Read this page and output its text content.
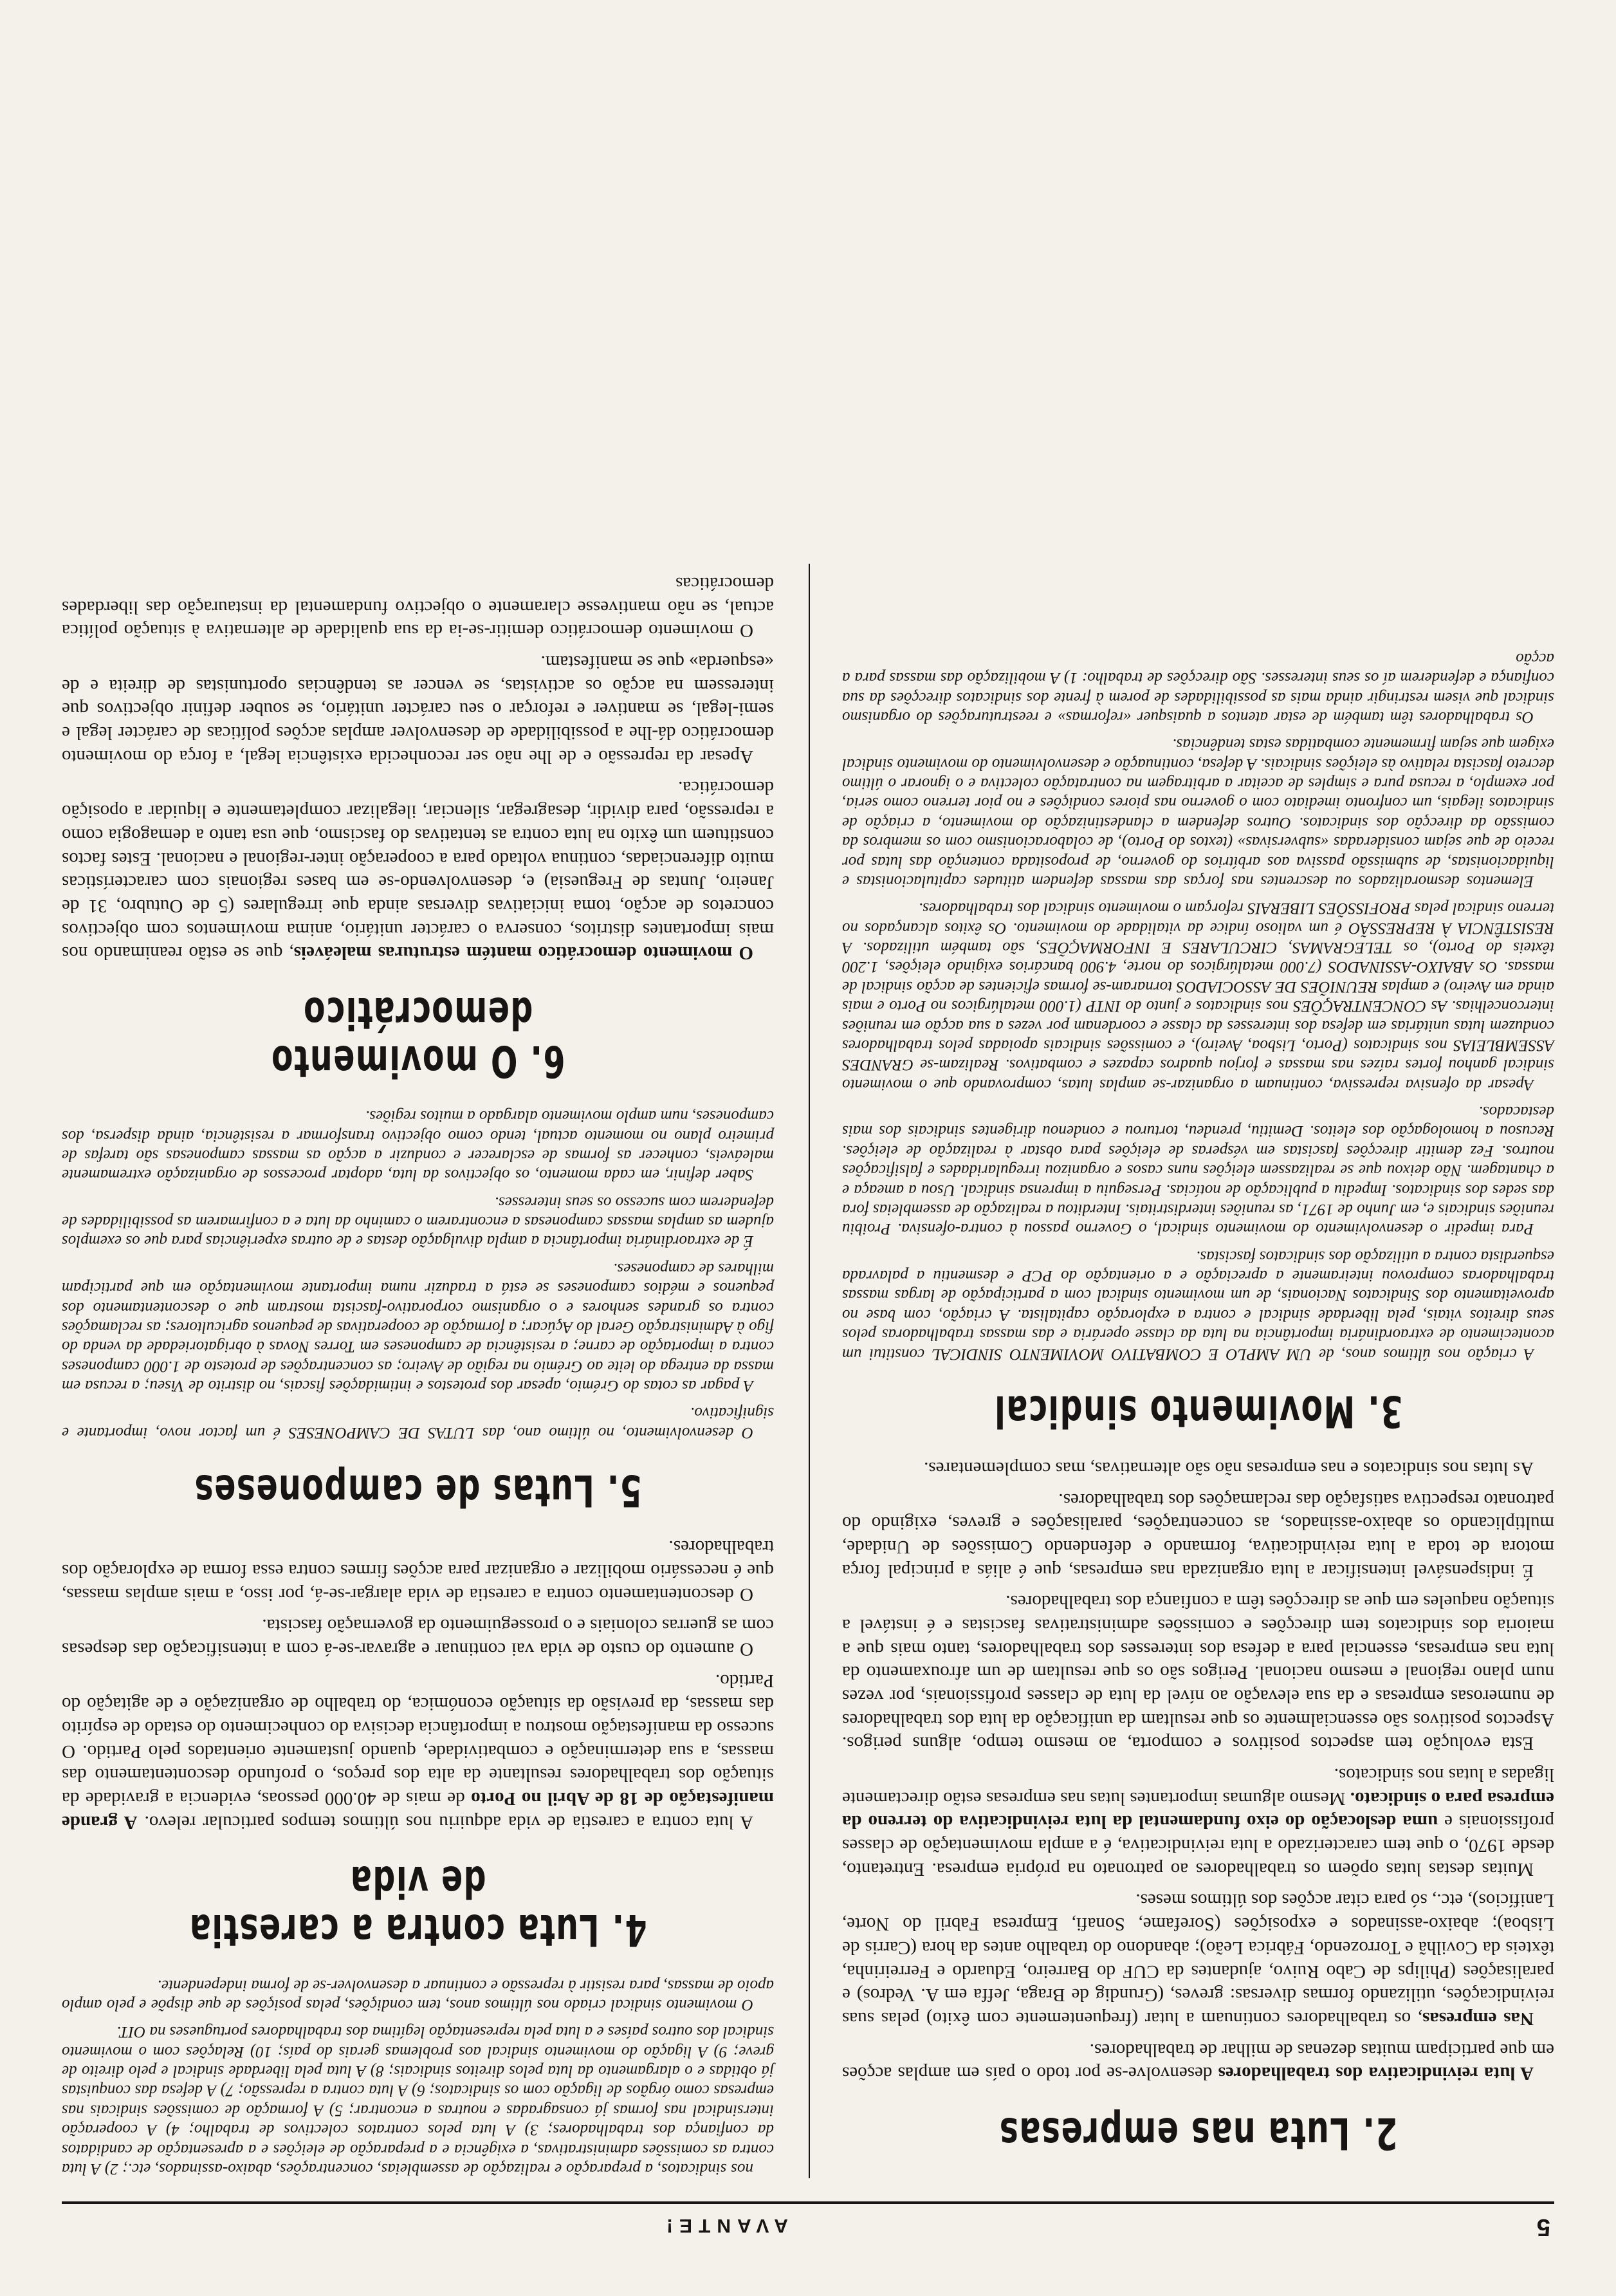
5
AVANTE!
2. Luta nas empresas

A luta reivindicativa dos trabalhadores desenvolve-se por todo o país em amplas acções em que participam muitas dezenas de milhar de trabalhadores.

Nas empresas, os trabalhadores continuam a lutar (frequentemente com êxito) pelas suas reivindicações, utilizando formas diversas: greves, (Grundig de Braga, Jeffa em A. Vedros) e paralisações (Philips de Cabo Ruivo, ajudantes da CUF do Barreiro, Eduardo e Ferreirinha, têxteis da Covilhã e Torrozendo, Fábrica Leão); abandono do trabalho antes da hora (Carris de Lisboa); abaixo-assinados e exposições (Sorefame, Sonafi, Empresa Fabril do Norte, Lanifícios), etc., só para citar acções dos últimos meses.

Muitas destas lutas opõem os trabalhadores ao patronato na própria empresa. Entretanto, desde 1970, o que tem caracterizado a luta reivindicativa, é a ampla movimentação de classes profissionais e uma deslocação do eixo fundamental da luta reivindicativa do terreno da empresa para o sindicato. Mesmo algumas importantes lutas nas empresas estão directamente ligadas a lutas nos sindicatos.

Esta evolução tem aspectos positivos e comporta, ao mesmo tempo, alguns perigos. Aspectos positivos são essencialmente os que resultam da unificação da luta dos trabalhadores de numerosas empresas e da sua elevação ao nível da luta de classes profissionais, por vezes num plano regional e mesmo nacional. Perigos são os que resultam de um afrouxamento da luta nas empresas, essencial para a defesa dos interesses dos trabalhadores, tanto mais que a maioria dos sindicatos tem direcções e comissões administrativas fascistas e é instável a situação naqueles em que as direcções têm a confiança dos trabalhadores.

É indispensável intensificar a luta organizada nas empresas, que é aliás a principal força motora de toda a luta reivindicativa, formando e defendendo Comissões de Unidade, multiplicando os abaixo-assinados, as concentrações, paralisações e greves, exigindo do patronato respectiva satisfação das reclamações dos trabalhadores.

As lutas nos sindicatos e nas empresas não são alternativas, mas complementares.

3. Movimento sindical

A criação nos últimos anos, de UM AMPLO E COMBATIVO MOVIMENTO SINDICAL constitui um acontecimento de extraordinária importância na luta da classe operária e das massas trabalhadoras pelos seus direitos vitais, pela liberdade sindical e contra a exploração capitalista. A criação, com base no aproveitamento dos Sindicatos Nacionais, de um movimento sindical com a participação de largas massas trabalhadoras comprovou inteiramente a apreciação e a orientação do PCP e desmentiu a palavrada esquerdista contra a utilização dos sindicatos fascistas.

Para impedir o desenvolvimento do movimento sindical, o Governo passou à contra-ofensiva. Proibiu reuniões sindicais e, em Junho de 1971, as reuniões interdistritais. Interditou a realização de assembleias fora das sedes dos sindicatos. Impediu a publicação de notícias. Perseguiu a imprensa sindical. Usou a ameaça e a chantagem. Não deixou que se realizassem eleições nuns casos e organizou irregularidades e falsificações noutros. Fez demitir direcções fascistas em vésperas de eleições para obstar à realização de eleições. Recusou a homologação dos eleitos. Demitiu, prendeu, torturou e condenou dirigentes sindicais dos mais destacados.

Apesar da ofensiva repressiva, continuam a organizar-se amplas lutas, comprovando que o movimento sindical ganhou fortes raízes nas massas e forjou quadros capazes e combativos. Realizam-se GRANDES ASSEMBLEIAS nos sindicatos (Porto, Lisboa, Aveiro), e comissões sindicais apoiadas pelos trabalhadores conduzem lutas unitárias em defesa dos interesses da classe e coordenam por vezes a sua acção em reuniões interconcelhias. As CONCENTRAÇÕES nos sindicatos e junto do INTP (1.000 metalúrgicos no Porto e mais ainda em Aveiro) e amplas REUNIÕES DE ASSOCIADOS tornaram-se formas eficientes de acção sindical de massas. Os ABAIXO-ASSINADOS (7.000 metalúrgicos do norte, 4.900 bancários exigindo eleições, 1.200 têxteis do Porto), os TELEGRAMAS, CIRCULARES E INFORMAÇÕES, são também utilizados. A RESISTÊNCIA À REPRESSÃO é um valioso índice da vitalidade do movimento. Os êxitos alcançados no terreno sindical pelas PROFISSÕES LIBERAIS reforçam o movimento sindical dos trabalhadores.

Elementos desmoralizados ou descrentes nas forças das massas defendem atitudes capitulacionistas e liquidacionistas, de submissão passiva aos arbítrios do governo, de propositada contenção das lutas por receio de que sejam consideradas «subversivas» (textos do Porto), de colaboracionismo com os membros da comissão da direcção dos sindicatos. Outros defendem a clandestinização do movimento, a criação de sindicatos ilegais, um confronto imediato com o governo nas piores condições e no pior terreno como seria, por exemplo, a recusa pura e simples de aceitar a arbitragem na contratação colectiva e o ignorar o último decreto fascista relativo às eleições sindicais. A defesa, continuação e desenvolvimento do movimento sindical exigem que sejam firmemente combatidas estas tendências.

Os trabalhadores têm também de estar atentos a quaisquer «reformas» e reestruturações do organismo sindical que visem restringir ainda mais as possibilidades de porem à frente dos sindicatos direcções da sua confiança e defenderem aí os seus interesses. São direcções de trabalho: 1) A mobilização das massas para a acção

nos sindicatos, a preparação e realização de assembleias, concentrações, abaixo-assinados, etc.; 2) A luta contra as comissões administrativas, a exigência e a preparação de eleições e a apresentação de candidatos da confiança dos trabalhadores; 3) A luta pelos contratos colectivos de trabalho; 4) A cooperação intersindical nas formas já consagradas e noutras a encontrar; 5) A formação de comissões sindicais nas empresas como órgãos de ligação com os sindicatos; 6) A luta contra a repressão; 7) A defesa das conquistas já obtidas e o alargamento da luta pelos direitos sindicais; 8) A luta pela liberdade sindical e pelo direito de greve; 9) A ligação do movimento sindical aos problemas gerais do país; 10) Relações com o movimento sindical dos outros países e a luta pela representação legítima dos trabalhadores portugueses na OIT.

O movimento sindical criado nos últimos anos, tem condições, pelas posições de que dispõe e pelo amplo apoio de massas, para resistir à repressão e continuar a desenvolver-se de forma independente.

4. Luta contra a carestia de vida

A luta contra a carestia de vida adquiriu nos últimos tempos particular relevo. A grande manifestação de 18 de Abril no Porto de mais de 40.000 pessoas, evidencia a gravidade da situação dos trabalhadores resultante da alta dos preços, o profundo descontentamento das massas, a sua determinação e combatividade, quando justamente orientados pelo Partido. O sucesso da manifestação mostrou a importância decisiva do conhecimento do estado de espírito das massas, da previsão da situação económica, do trabalho de organização e de agitação do Partido.

O aumento do custo de vida vai continuar e agravar-se-á com a intensificação das despesas com as guerras coloniais e o prosseguimento da governação fascista.

O descontentamento contra a carestia de vida alargar-se-á, por isso, a mais amplas massas, que é necessário mobilizar e organizar para acções firmes contra essa forma de exploração dos trabalhadores.

5. Lutas de camponeses

O desenvolvimento, no último ano, das LUTAS DE CAMPONESES é um factor novo, importante e significativo.

A pagar as cotas do Grémio, apesar dos protestos e intimidações fiscais, no distrito de Viseu; a recusa em massa da entrega do leite ao Grémio na região de Aveiro; as concentrações de protesto de 1.000 camponeses contra a importação de carne; a resistência de camponeses em Torres Novas à obrigatoriedade da venda do figo à Administração Geral do Açúcar; a formação de cooperativas de pequenos agricultores; as reclamações contra os grandes senhores e o organismo corporativo-fascista mostram que o descontentamento dos pequenos e médios camponeses se está a traduzir numa importante movimentação em que participam milhares de camponeses.

É de extraordinária importância a ampla divulgação destas e de outras experiências para que os exemplos ajudem as amplas massas camponesas a encontrarem o caminho da luta e a confirmarem as possibilidades de defenderem com sucesso os seus interesses.

Saber definir, em cada momento, os objectivos da luta, adoptar processos de organização extremamente maleáveis, conhecer as formas de esclarecer e conduzir a acção as massas camponesas são tarefas de primeiro plano no momento actual, tendo como objectivo transformar a resistência, ainda dispersa, dos camponeses, num amplo movimento alargado a muitos regiões.

6. O movimento democrático

O movimento democrático mantém estruturas maleáveis, que se estão reanimando nos mais importantes distritos, conserva o carácter unitário, anima movimentos com objectivos concretos de acção, toma iniciativas diversas ainda que irregulares (5 de Outubro, 31 de Janeiro, Juntas de Freguesia) e, desenvolvendo-se em bases regionais com características muito diferenciadas, continua voltado para a cooperação inter-regional e nacional. Estes factos constituem um êxito na luta contra as tentativas do fascismo, que usa tanto a demagogia como a repressão, para dividir, desagregar, silenciar, ilegalizar completamente e liquidar a oposição democrática.

Apesar da repressão e de lhe não ser reconhecida existência legal, a força do movimento democrático dá-lhe a possibilidade de desenvolver amplas acções políticas de carácter legal e semi-legal, se mantiver e reforçar o seu carácter unitário, se souber definir objectivos que interessem na acção os activistas, se vencer as tendências oportunistas de direita e de «esquerda» que se manifestam.

O movimento democrático demitir-se-ia da sua qualidade de alternativa à situação política actual, se não mantivesse claramente o objectivo fundamental da instauração das liberdades democráticas
